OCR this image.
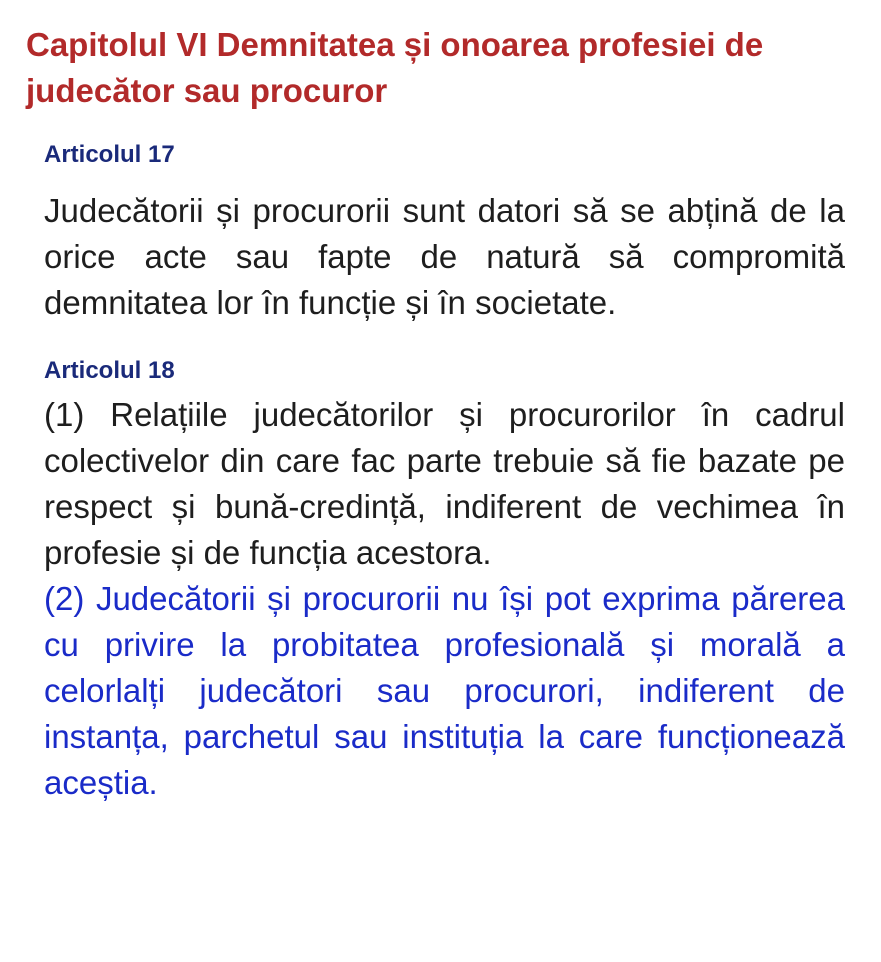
Capitolul VI Demnitatea și onoarea profesiei de judecător sau procuror
Articolul 17

Judecătorii și procurorii sunt datori să se abțină de la orice acte sau fapte de natură să compromită demnitatea lor în funcție și în societate.

Articolul 18

(1) Relațiile judecătorilor și procurorilor în cadrul colectivelor din care fac parte trebuie să fie bazate pe respect și bună-credință, indiferent de vechimea în profesie și de funcția acestora.

(2) Judecătorii și procurorii nu își pot exprima părerea cu privire la probitatea profesională și morală a celorlalți judecători sau procurori, indiferent de instanța, parchetul sau instituția la care funcționează aceștia.
